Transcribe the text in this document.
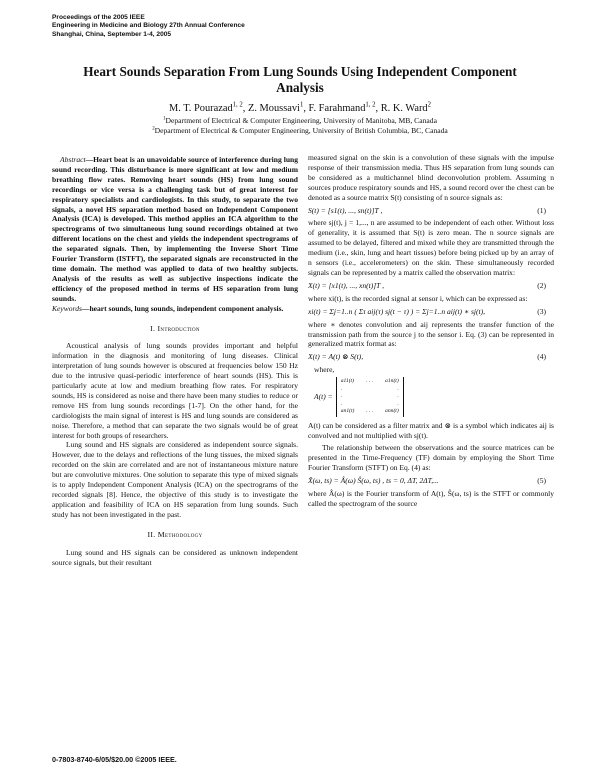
Proceedings of the 2005 IEEE
Engineering in Medicine and Biology 27th Annual Conference
Shanghai, China, September 1-4, 2005
Heart Sounds Separation From Lung Sounds Using Independent Component Analysis
M. T. Pourazad$^{1, 2}$, Z. Moussavi$^1$, F. Farahmand$^{1, 2}$, R. K. Ward$^2$
$^1$Department of Electrical & Computer Engineering, University of Manitoba, MB, Canada
$^2$Department of Electrical & Computer Engineering, University of British Columbia, BC, Canada

Abstract—Heart beat is an unavoidable source of interference during lung sound recording. This disturbance is more significant at low and medium breathing flow rates. Removing heart sounds (HS) from lung sound recordings or vice versa is a challenging task but of great interest for respiratory specialists and cardiologists. In this study, to separate the two signals, a novel HS separation method based on Independent Component Analysis (ICA) is developed. This method applies an ICA algorithm to the spectrograms of two simultaneous lung sound recordings obtained at two different locations on the chest and yields the independent spectrograms of the separated signals. Then, by implementing the Inverse Short Time Fourier Transform (ISTFT), the separated signals are reconstructed in the time domain. The method was applied to data of two healthy subjects. Analysis of the results as well as subjective inspections indicate the efficiency of the proposed method in terms of HS separation from lung sounds.

Keywords—heart sounds, lung sounds, independent component analysis.

I. Introduction

Acoustical analysis of lung sounds provides important and helpful information in the diagnosis and monitoring of lung diseases. Clinical interpretation of lung sounds however is obscured at frequencies below 150 Hz due to the intrusive quasi-periodic interference of heart sounds (HS). This is particularly acute at low and medium breathing flow rates. For respiratory sounds, HS is considered as noise and there have been many studies to reduce or remove HS from lung sounds recordings [1-7]. On the other hand, for the cardiologists the main signal of interest is HS and lung sounds are considered as noise. Therefore, a method that can separate the two signals would be of great interest for both groups of researchers.

Lung sound and HS signals are considered as independent source signals. However, due to the delays and reflections of the lung tissues, the mixed signals recorded on the skin are correlated and are not of instantaneous mixture nature but are convolutive mixtures. One solution to separate this type of mixed signals is to apply Independent Component Analysis (ICA) on the spectrograms of the recorded signals [8]. Hence, the objective of this study is to investigate the application and feasibility of ICA on HS separation from lung sounds. Such study has not been investigated in the past.

II. Methodology

Lung sound and HS signals can be considered as unknown independent source signals, but their resultant

measured signal on the skin is a convolution of these signals with the impulse response of their transmission media. Thus HS separation from lung sounds can be considered as a multichannel blind deconvolution problem. Assuming n sources produce respiratory sounds and HS, a sound record over the chest can be denoted as a source matrix S(t) consisting of n source signals as:

S(t) = [s1(t), ..., sn(t)]T ,	(1)

where sj(t), j = 1,..., n are assumed to be independent of each other. Without loss of generality, it is assumed that S(t) is zero mean. The n source signals are assumed to be delayed, filtered and mixed while they are transmitted through the medium (i.e., skin, lung and heart tissues) before being picked up by an array of n sensors (i.e., accelerometers) on the skin. These simultaneously recorded signals can be represented by a matrix called the observation matrix:

X(t) = [x1(t), ..., xn(t)]T ,	(2)

where xi(t), is the recorded signal at sensor i, which can be expressed as:

xi(t) = Σj=1..n ( Στ aij(τ) sj(t − τ) ) = Σj=1..n aij(t) ∗ sj(t),	(3)

where ∗ denotes convolution and aij represents the transfer function of the transmission path from the source j to the sensor i. Eq. (3) can be represented in generalized matrix format as:

X(t) = A(t) ⊗ S(t),	(4)
where,
A(t) =
a11(t) . . . a1n(t)
.	.
.	.
.	.
an1(t) . . . ann(t)

A(t) can be considered as a filter matrix and ⊗ is a symbol which indicates aij is convolved and not multiplied with sj(t).

The relationship between the observations and the source matrices can be presented in the Time-Frequency (TF) domain by employing the Short Time Fourier Transform (STFT) on Eq. (4) as:

X̂(ω, ts) = Â(ω) Ŝ(ω, ts) , ts = 0, ΔT, 2ΔT,...	(5)

where Â(ω) is the Fourier transform of A(t), Ŝ(ω, ts) is the STFT or commonly called the spectrogram of the source

0-7803-8740-6/05/$20.00 ©2005 IEEE.
